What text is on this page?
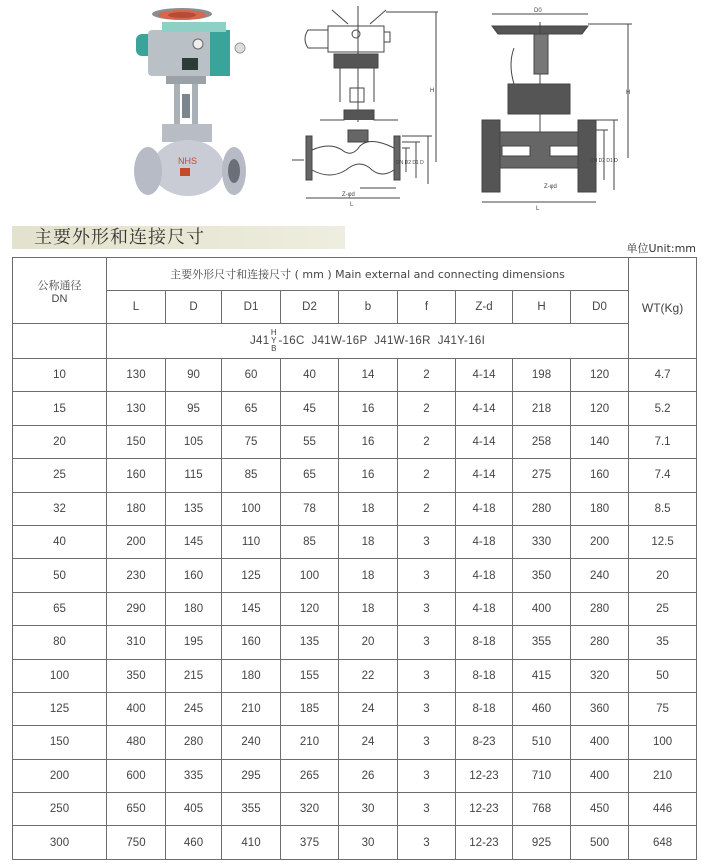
NHS
Z-φd
L
H
DN D2 D1 D
D0
H
DN D2 D1 D
L
Z-φd
主要外形和连接尺寸
单位Unit:mm
公称通径
DN	主要外形尺寸和连接尺寸 ( mm ) Main external and connecting dimensions									WT(Kg)
	L	D	D1	D2	b	f	Z-d	H	D0	
	J41
H
Y
B
-16C  J41W-16P  J41W-16R  J41Y-16I									
10	130	90	60	40	14	2	4-14	198	120	4.7
15	130	95	65	45	16	2	4-14	218	120	5.2
20	150	105	75	55	16	2	4-14	258	140	7.1
25	160	115	85	65	16	2	4-14	275	160	7.4
32	180	135	100	78	18	2	4-18	280	180	8.5
40	200	145	110	85	18	3	4-18	330	200	12.5
50	230	160	125	100	18	3	4-18	350	240	20
65	290	180	145	120	18	3	4-18	400	280	25
80	310	195	160	135	20	3	8-18	355	280	35
100	350	215	180	155	22	3	8-18	415	320	50
125	400	245	210	185	24	3	8-18	460	360	75
150	480	280	240	210	24	3	8-23	510	400	100
200	600	335	295	265	26	3	12-23	710	400	210
250	650	405	355	320	30	3	12-23	768	450	446
300	750	460	410	375	30	3	12-23	925	500	648
